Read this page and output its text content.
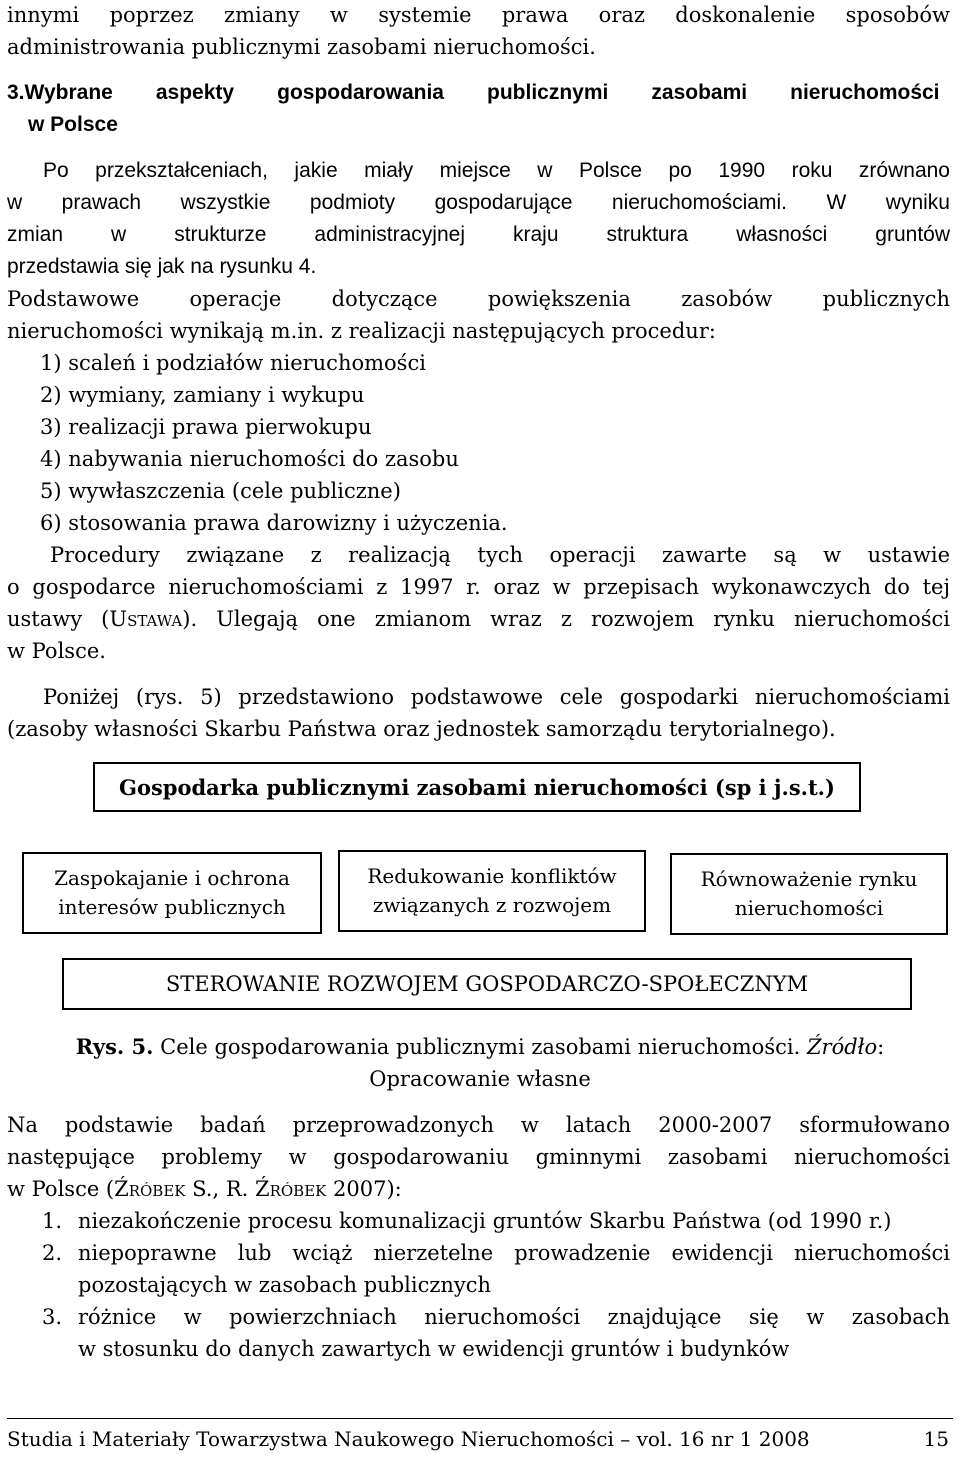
innymi poprzez zmiany w systemie prawa oraz doskonalenie sposobów
administrowania publicznymi zasobami nieruchomości.
3.Wybrane aspekty gospodarowania publicznymi zasobami nieruchomości
w Polsce
Po przekształceniach, jakie miały miejsce w Polsce po 1990 roku zrównano
w prawach wszystkie podmioty gospodarujące nieruchomościami. W wyniku
zmian w strukturze administracyjnej kraju struktura własności gruntów
przedstawia się jak na rysunku 4.
Podstawowe operacje dotyczące powiększenia zasobów publicznych
nieruchomości wynikają m.in. z realizacji następujących procedur:
1) scaleń i podziałów nieruchomości
2) wymiany, zamiany i wykupu
3) realizacji prawa pierwokupu
4) nabywania nieruchomości do zasobu
5) wywłaszczenia (cele publiczne)
6) stosowania prawa darowizny i użyczenia.
Procedury związane z realizacją tych operacji zawarte są w ustawie
o gospodarce nieruchomościami z 1997 r. oraz w przepisach wykonawczych do tej
ustawy (Ustawa). Ulegają one zmianom wraz z rozwojem rynku nieruchomości
w Polsce.
Poniżej (rys. 5) przedstawiono podstawowe cele gospodarki nieruchomościami
(zasoby własności Skarbu Państwa oraz jednostek samorządu terytorialnego).
Gospodarka publicznymi zasobami nieruchomości (sp i j.s.t.)
Zaspokajanie i ochrona
interesów publicznych
Redukowanie konfliktów
związanych z rozwojem
Równoważenie rynku
nieruchomości
STEROWANIE ROZWOJEM GOSPODARCZO-SPOŁECZNYM
Rys. 5. Cele gospodarowania publicznymi zasobami nieruchomości. Źródło:
Opracowanie własne
Na podstawie badań przeprowadzonych w latach 2000-2007 sformułowano
następujące problemy w gospodarowaniu gminnymi zasobami nieruchomości
w Polsce (Źróbek S., R. Źróbek 2007):
1. niezakończenie procesu komunalizacji gruntów Skarbu Państwa (od 1990 r.)
2. niepoprawne lub wciąż nierzetelne prowadzenie ewidencji nieruchomości
pozostających w zasobach publicznych
3. różnice w powierzchniach nieruchomości znajdujące się w zasobach
w stosunku do danych zawartych w ewidencji gruntów i budynków
Studia i Materiały Towarzystwa Naukowego Nieruchomości – vol. 16 nr 1 2008	15
